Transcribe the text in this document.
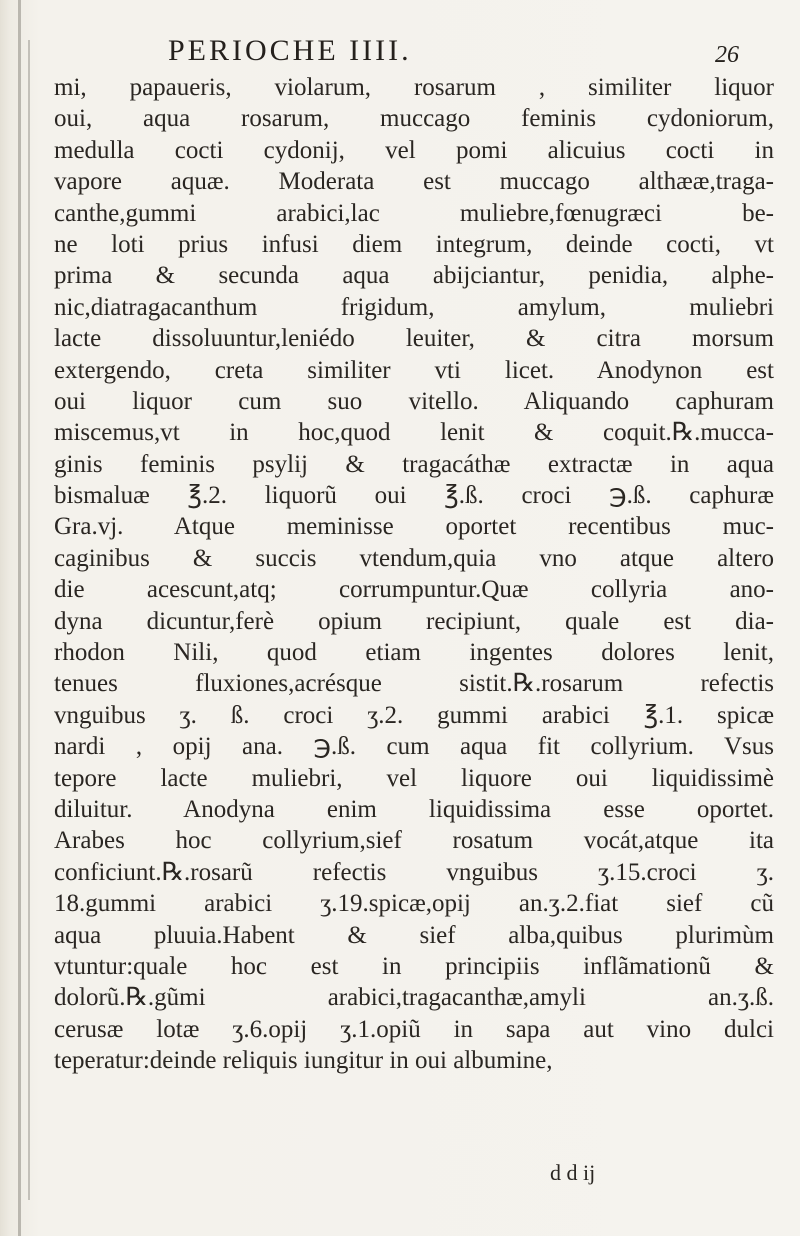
PERIOCHE IIII.	26
mi, papaueris, violarum, rosarum , similiter liquor
oui, aqua rosarum, muccago feminis cydoniorum,
medulla cocti cydonij, vel pomi alicuius cocti in
vapore aquæ. Moderata est muccago althææ,traga-
canthe,gummi arabici,lac muliebre,fœnugræci be-
ne loti prius infusi diem integrum, deinde cocti, vt
prima & secunda aqua abijciantur, penidia, alphe-
nic,diatragacanthum frigidum, amylum, muliebri
lacte dissoluuntur,leniédo leuiter, & citra morsum
extergendo, creta similiter vti licet. Anodynon est
oui liquor cum suo vitello. Aliquando caphuram
miscemus,vt in hoc,quod lenit & coquit.℞.mucca-
ginis feminis psylij & tragacáthæ extractæ in aqua
bismaluæ ℥.2. liquorũ oui ℥.ß. croci ℈.ß. caphuræ
Gra.vj. Atque meminisse oportet recentibus muc-
caginibus & succis vtendum,quia vno atque altero
die acescunt,atq; corrumpuntur.Quæ collyria ano-
dyna dicuntur,ferè opium recipiunt, quale est dia-
rhodon Nili, quod etiam ingentes dolores lenit,
tenues fluxiones,acrésque sistit.℞.rosarum refectis
vnguibus ʒ. ß. croci ʒ.2. gummi arabici ℥.1. spicæ
nardi , opij ana. ℈.ß. cum aqua fit collyrium. Vsus
tepore lacte muliebri, vel liquore oui liquidissimè
diluitur. Anodyna enim liquidissima esse oportet.
Arabes hoc collyrium,sief rosatum vocát,atque ita
conficiunt.℞.rosarũ refectis vnguibus ʒ.15.croci ʒ.
18.gummi arabici ʒ.19.spicæ,opij an.ʒ.2.fiat sief cũ
aqua pluuia.Habent & sief alba,quibus plurimùm
vtuntur:quale hoc est in principiis inflãmationũ &
dolorũ.℞.gũmi arabici,tragacanthæ,amyli an.ʒ.ß.
cerusæ lotæ ʒ.6.opij ʒ.1.opiũ in sapa aut vino dulci
teperatur:deinde reliquis iungitur in oui albumine,
d d ij
